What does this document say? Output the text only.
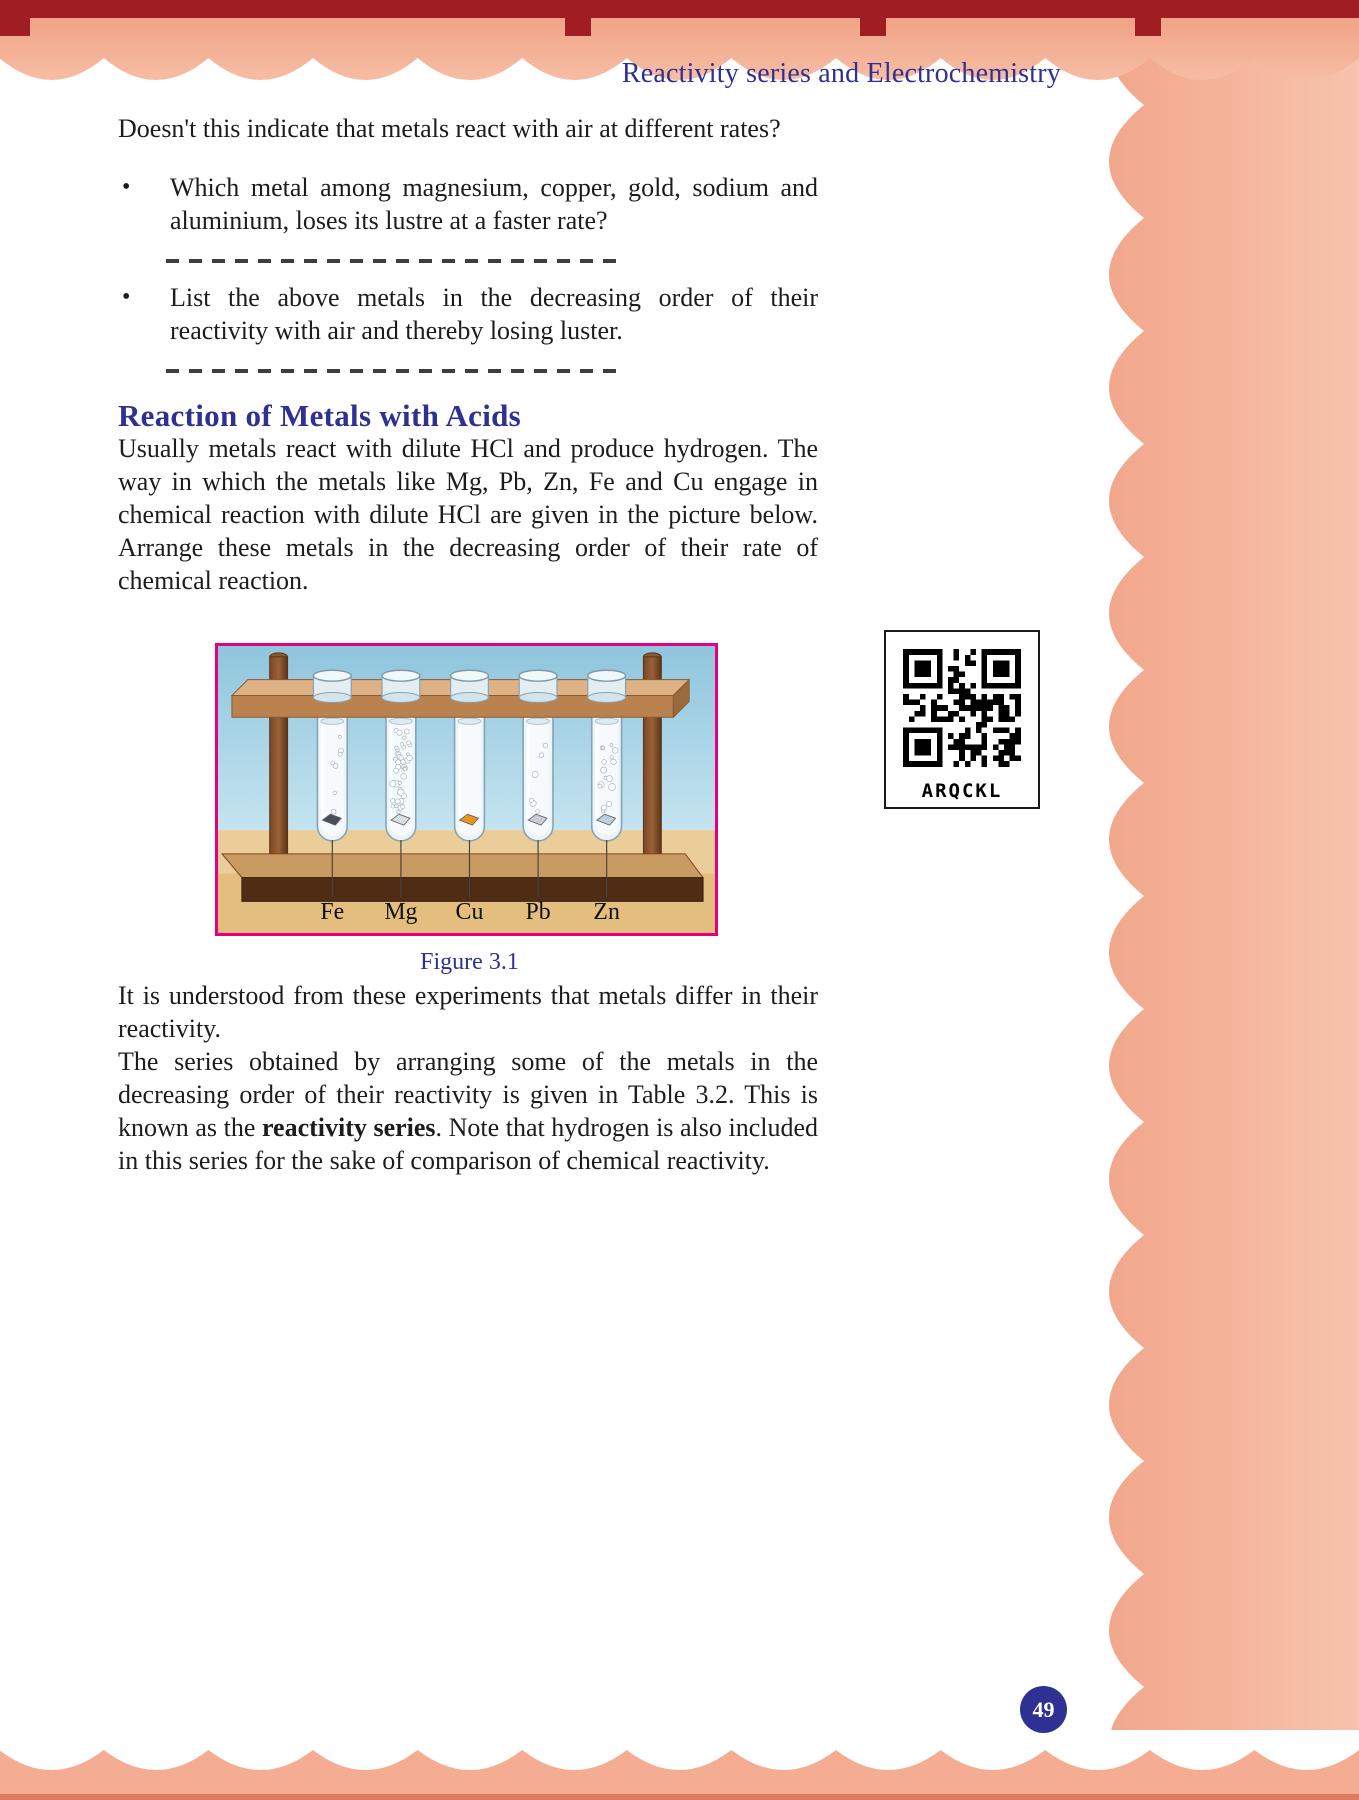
Reactivity series and Electrochemistry

Doesn't this indicate that metals react with air at different rates?

•	Which metal among magnesium, copper, gold, sodium and aluminium, loses its lustre at a faster rate?

•	List the above metals in the decreasing order of their reactivity with air and thereby losing luster.

Reaction of Metals with Acids

Usually metals react with dilute HCl and produce hydrogen. The way in which the metals like Mg, Pb, Zn, Fe and Cu engage in chemical reaction with dilute HCl are given in the picture below. Arrange these metals in the decreasing order of their rate of chemical reaction.

Fe Mg Cu Pb Zn
Figure 3.1

It is understood from these experiments that metals differ in their reactivity.

The series obtained by arranging some of the metals in the decreasing order of their reactivity is given in Table 3.2. This is known as the reactivity series. Note that hydrogen is also included in this series for the sake of comparison of chemical reactivity.

ARQCKL
49
